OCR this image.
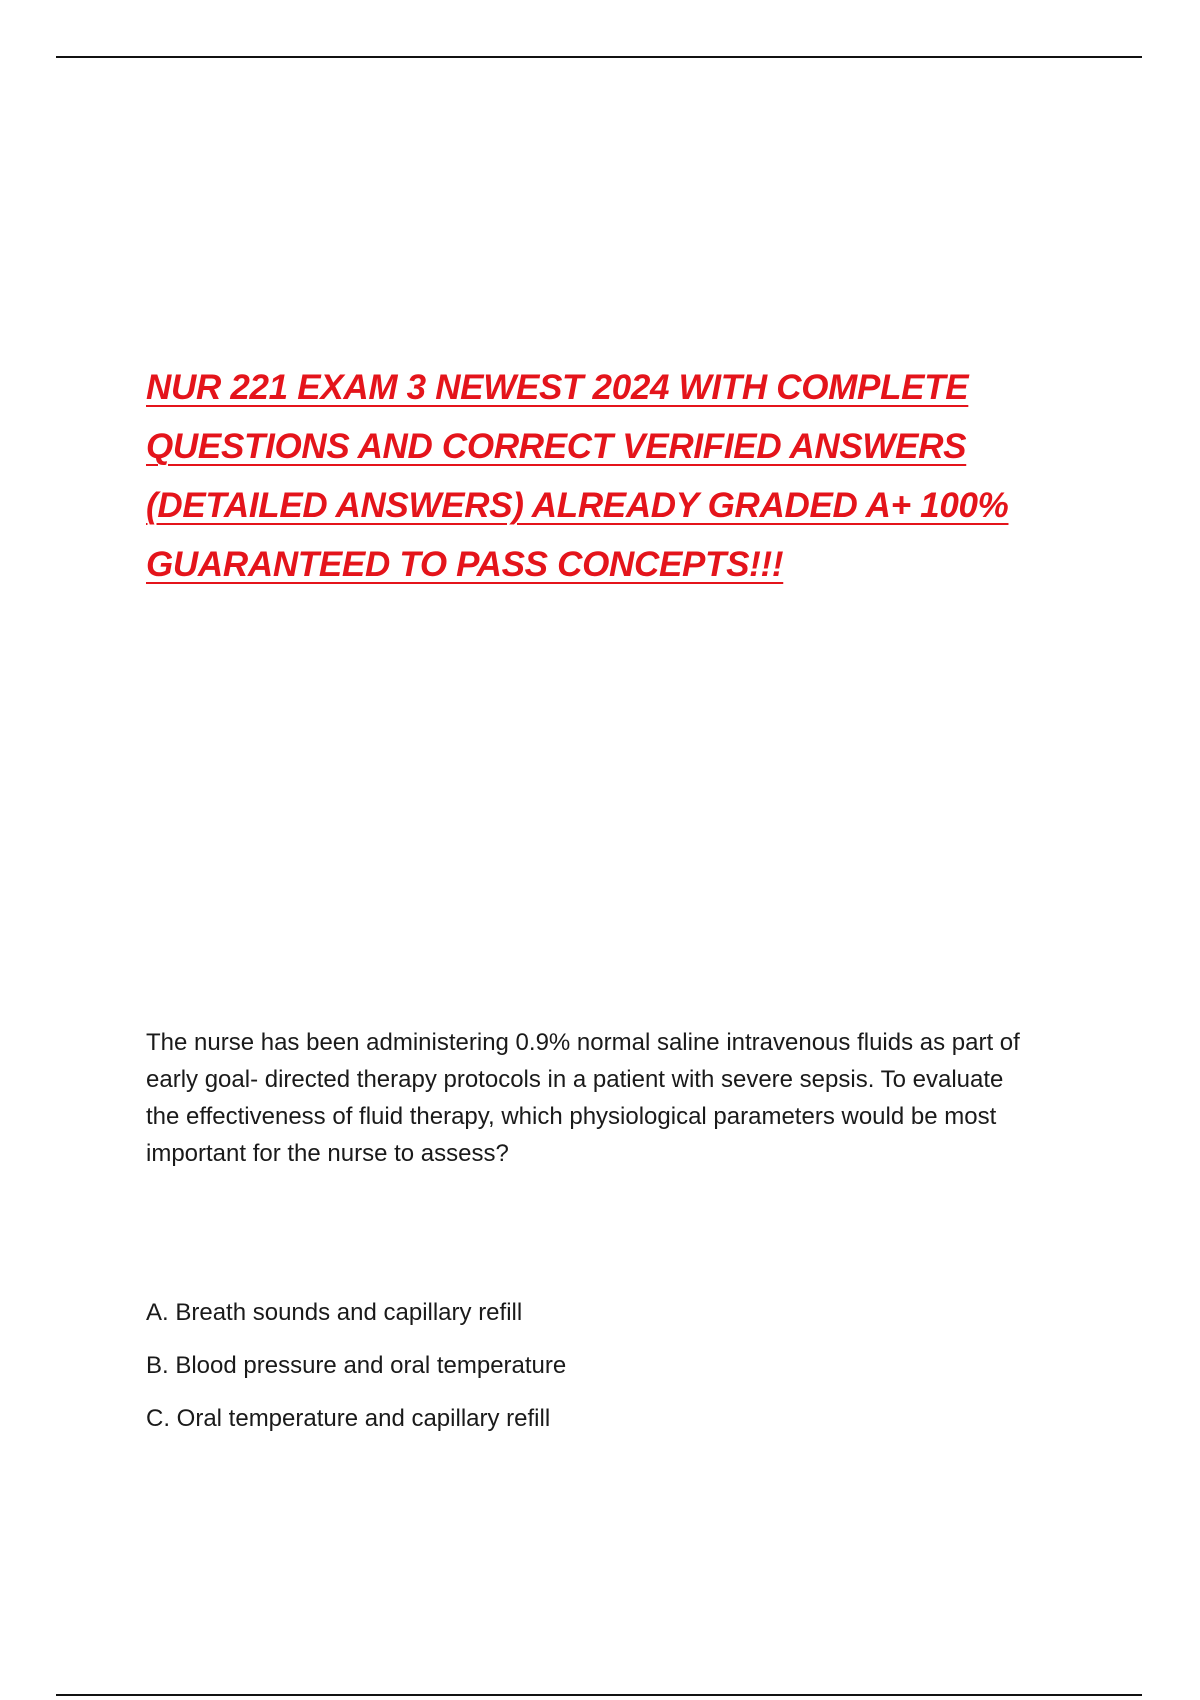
NUR 221 EXAM 3 NEWEST 2024 WITH COMPLETE
QUESTIONS AND CORRECT VERIFIED ANSWERS
(DETAILED ANSWERS) ALREADY GRADED A+ 100%
GUARANTEED TO PASS CONCEPTS!!!

The nurse has been administering 0.9% normal saline intravenous fluids as part of
early goal- directed therapy protocols in a patient with severe sepsis. To evaluate
the effectiveness of fluid therapy, which physiological parameters would be most
important for the nurse to assess?

A. Breath sounds and capillary refill
B. Blood pressure and oral temperature
C. Oral temperature and capillary refill
